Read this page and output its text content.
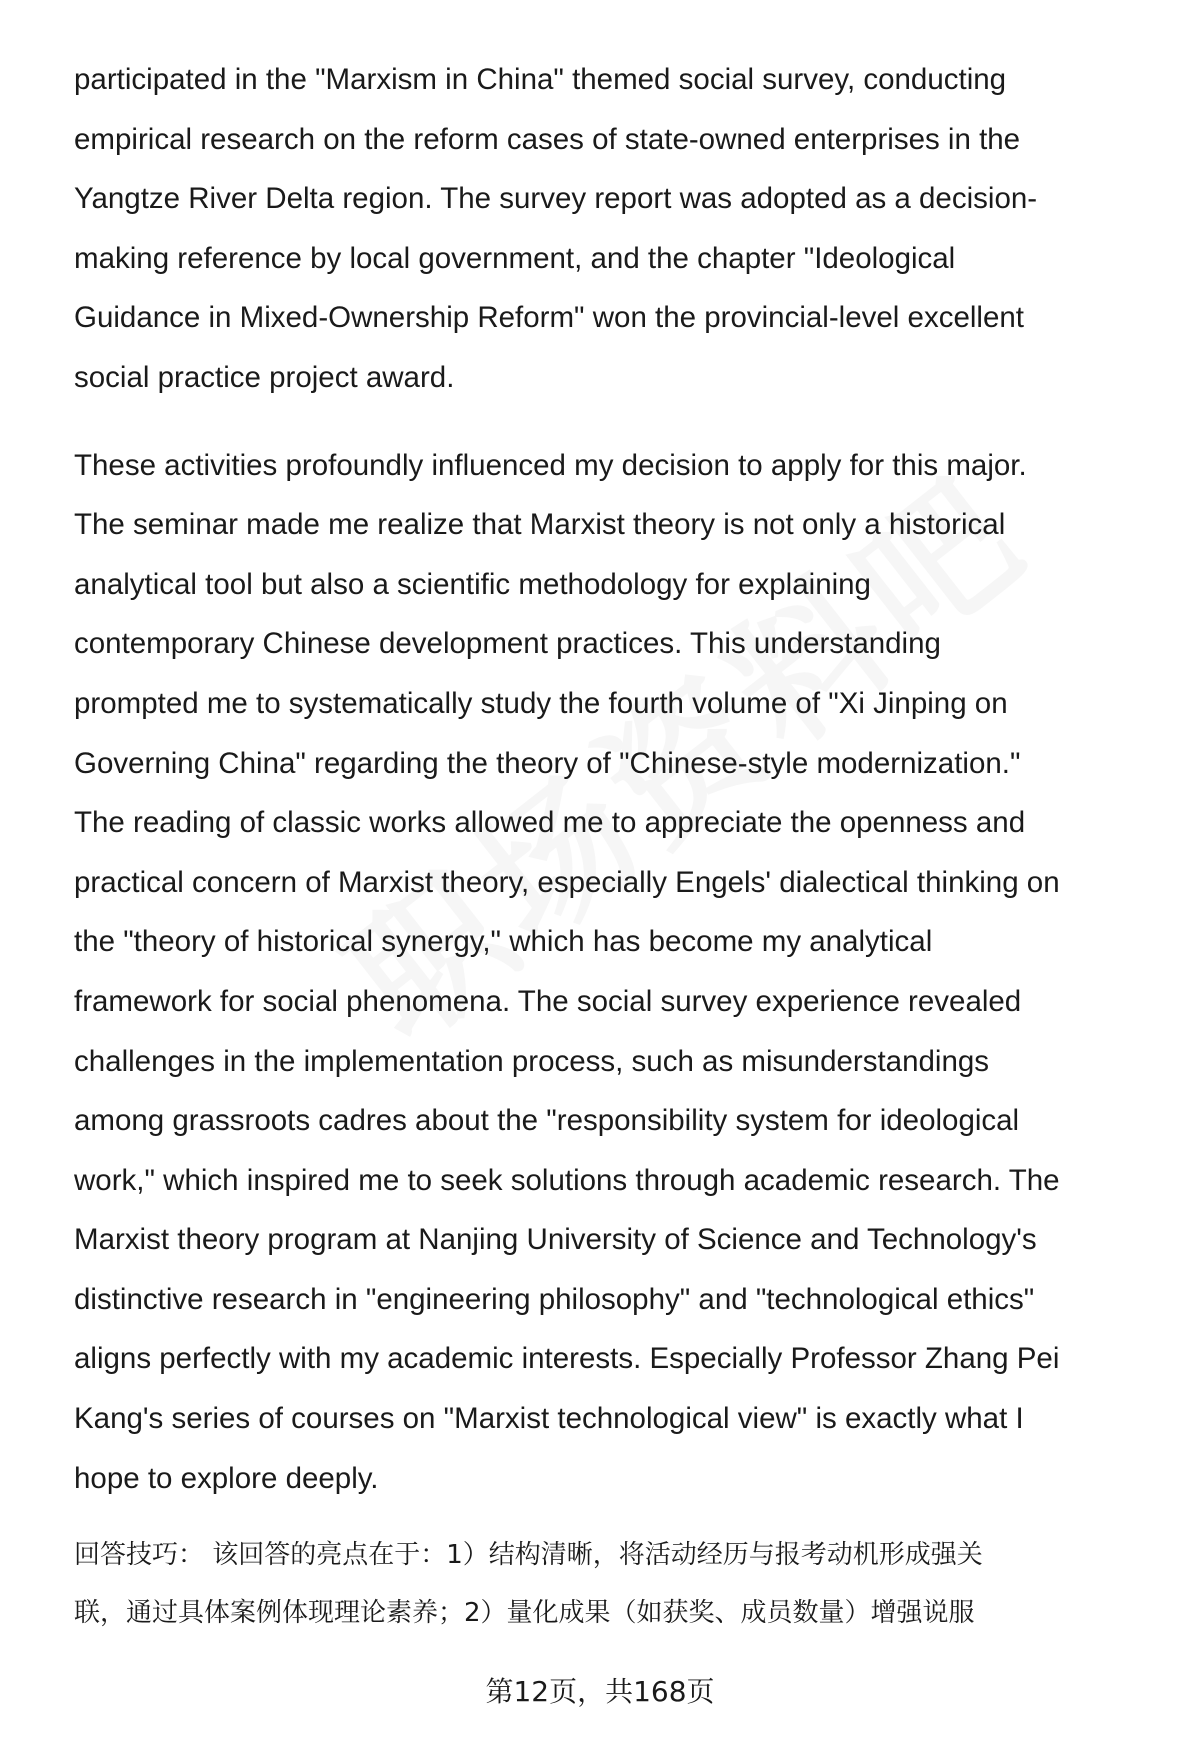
participated in the "Marxism in China" themed social survey, conducting
empirical research on the reform cases of state-owned enterprises in the
Yangtze River Delta region. The survey report was adopted as a decision-
making reference by local government, and the chapter "Ideological
Guidance in Mixed-Ownership Reform" won the provincial-level excellent
social practice project award.

These activities profoundly influenced my decision to apply for this major.
The seminar made me realize that Marxist theory is not only a historical
analytical tool but also a scientific methodology for explaining
contemporary Chinese development practices. This understanding
prompted me to systematically study the fourth volume of "Xi Jinping on
Governing China" regarding the theory of "Chinese-style modernization."
The reading of classic works allowed me to appreciate the openness and
practical concern of Marxist theory, especially Engels' dialectical thinking on
the "theory of historical synergy," which has become my analytical
framework for social phenomena. The social survey experience revealed
challenges in the implementation process, such as misunderstandings
among grassroots cadres about the "responsibility system for ideological
work," which inspired me to seek solutions through academic research. The
Marxist theory program at Nanjing University of Science and Technology's
distinctive research in "engineering philosophy" and "technological ethics"
aligns perfectly with my academic interests. Especially Professor Zhang Pei
Kang's series of courses on "Marxist technological view" is exactly what I
hope to explore deeply.

回答技巧： 该回答的亮点在于：1）结构清晰，将活动经历与报考动机形成强关
联，通过具体案例体现理论素养；2）量化成果（如获奖、成员数量）增强说服

第12页，共168页
